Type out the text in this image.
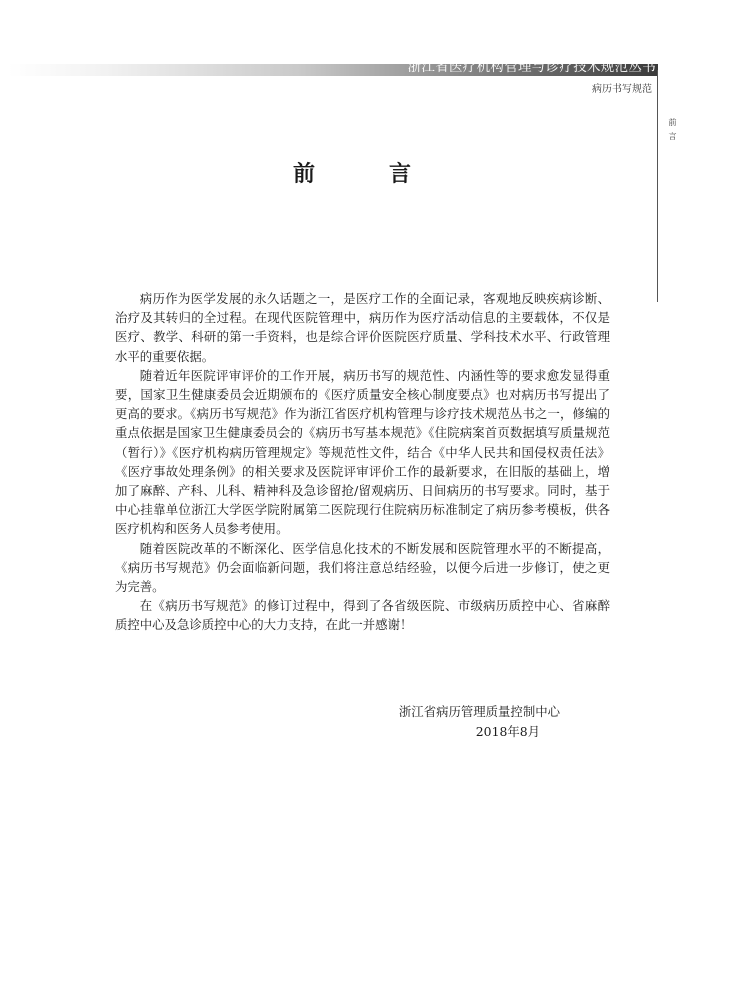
浙江省医疗机构管理与诊疗技术规范丛书
病历书写规范
前言
前　言

病历作为医学发展的永久话题之一，是医疗工作的全面记录，客观地反映疾病诊断、治疗及其转归的全过程。在现代医院管理中，病历作为医疗活动信息的主要载体，不仅是医疗、教学、科研的第一手资料，也是综合评价医院医疗质量、学科技术水平、行政管理水平的重要依据。

随着近年医院评审评价的工作开展，病历书写的规范性、内涵性等的要求愈发显得重要，国家卫生健康委员会近期颁布的《医疗质量安全核心制度要点》也对病历书写提出了更高的要求。《病历书写规范》作为浙江省医疗机构管理与诊疗技术规范丛书之一，修编的重点依据是国家卫生健康委员会的《病历书写基本规范》《住院病案首页数据填写质量规范（暂行）》《医疗机构病历管理规定》等规范性文件，结合《中华人民共和国侵权责任法》《医疗事故处理条例》的相关要求及医院评审评价工作的最新要求，在旧版的基础上，增加了麻醉、产科、儿科、精神科及急诊留抢/留观病历、日间病历的书写要求。同时，基于中心挂靠单位浙江大学医学院附属第二医院现行住院病历标准制定了病历参考模板，供各医疗机构和医务人员参考使用。

随着医院改革的不断深化、医学信息化技术的不断发展和医院管理水平的不断提高，《病历书写规范》仍会面临新问题，我们将注意总结经验，以便今后进一步修订，使之更为完善。

在《病历书写规范》的修订过程中，得到了各省级医院、市级病历质控中心、省麻醉质控中心及急诊质控中心的大力支持，在此一并感谢！

浙江省病历管理质量控制中心
2018年8月
